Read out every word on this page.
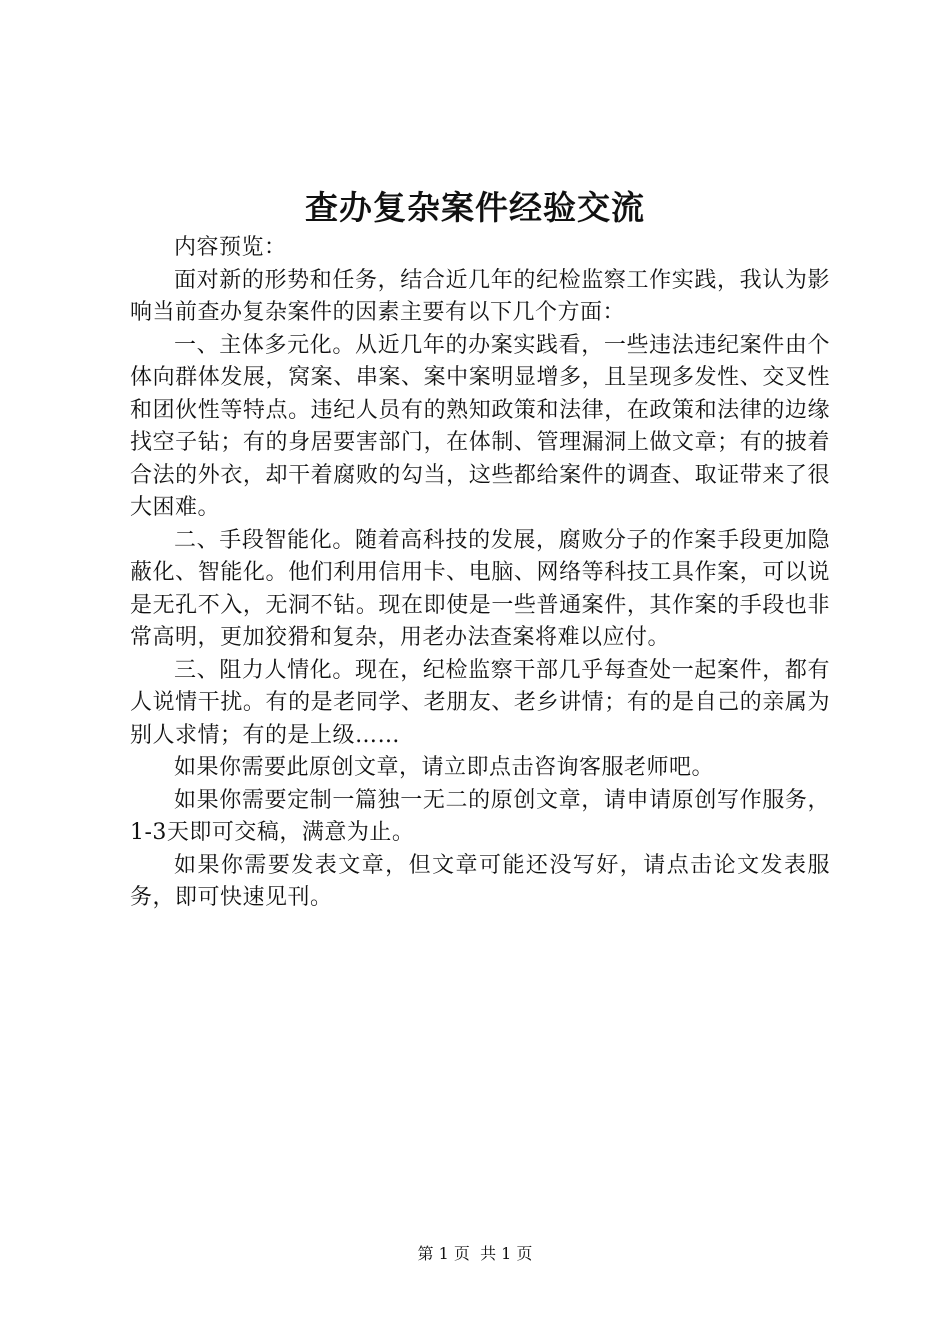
查办复杂案件经验交流

内容预览：

面对新的形势和任务，结合近几年的纪检监察工作实践，我认为影响当前查办复杂案件的因素主要有以下几个方面：

一、主体多元化。从近几年的办案实践看，一些违法违纪案件由个体向群体发展，窝案、串案、案中案明显增多，且呈现多发性、交叉性和团伙性等特点。违纪人员有的熟知政策和法律，在政策和法律的边缘找空子钻；有的身居要害部门，在体制、管理漏洞上做文章；有的披着合法的外衣，却干着腐败的勾当，这些都给案件的调查、取证带来了很大困难。

二、手段智能化。随着高科技的发展，腐败分子的作案手段更加隐蔽化、智能化。他们利用信用卡、电脑、网络等科技工具作案，可以说是无孔不入，无洞不钻。现在即使是一些普通案件，其作案的手段也非常高明，更加狡猾和复杂，用老办法查案将难以应付。

三、阻力人情化。现在，纪检监察干部几乎每查处一起案件，都有人说情干扰。有的是老同学、老朋友、老乡讲情；有的是自己的亲属为别人求情；有的是上级……

如果你需要此原创文章，请立即点击咨询客服老师吧。

如果你需要定制一篇独一无二的原创文章，请申请原创写作服务，1-3天即可交稿，满意为止。

如果你需要发表文章，但文章可能还没写好，请点击论文发表服务，即可快速见刊。

第 1 页  共 1 页
